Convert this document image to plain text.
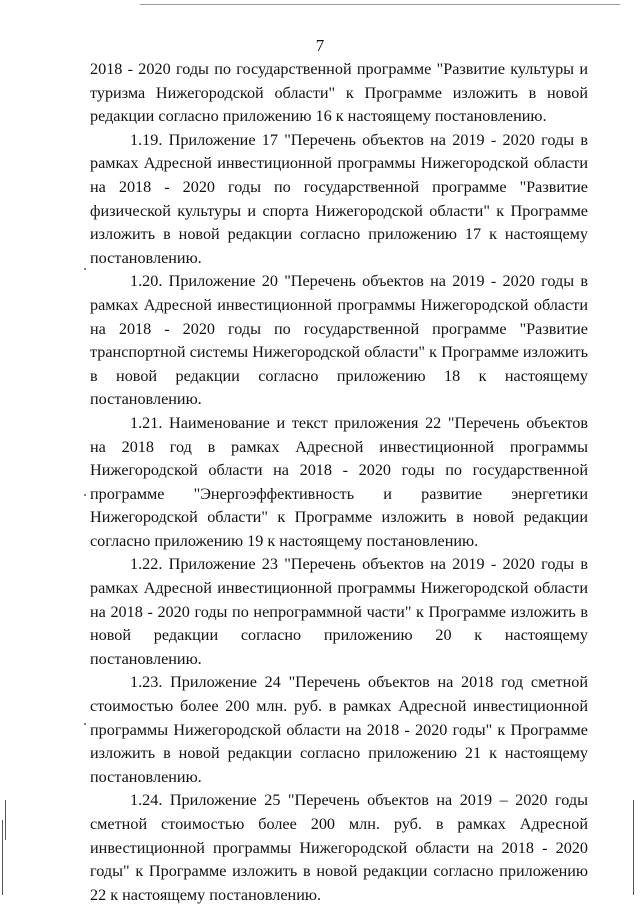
7

2018 - 2020 годы по государственной программе "Развитие культуры и туризма Нижегородской области" к Программе изложить в новой редакции согласно приложению 16 к настоящему постановлению.

1.19. Приложение 17 "Перечень объектов на 2019 - 2020 годы в рамках Адресной инвестиционной программы Нижегородской области на 2018 - 2020 годы по государственной программе "Развитие физической культуры и спорта Нижегородской области" к Программе изложить в новой редакции согласно приложению 17 к настоящему постановлению.

1.20. Приложение 20 "Перечень объектов на 2019 - 2020 годы в рамках Адресной инвестиционной программы Нижегородской области на 2018 - 2020 годы по государственной программе "Развитие транспортной системы Нижегородской области" к Программе изложить в новой редакции согласно приложению 18 к настоящему постановлению.

1.21. Наименование и текст приложения 22 "Перечень объектов на 2018 год в рамках Адресной инвестиционной программы Нижегородской области на 2018 - 2020 годы по государственной программе "Энергоэффективность и развитие энергетики Нижегородской области" к Программе изложить в новой редакции согласно приложению 19 к настоящему постановлению.

1.22. Приложение 23 "Перечень объектов на 2019 - 2020 годы в рамках Адресной инвестиционной программы Нижегородской области на 2018 - 2020 годы по непрограммной части" к Программе изложить в новой редакции согласно приложению 20 к настоящему постановлению.

1.23. Приложение 24 "Перечень объектов на 2018 год сметной стоимостью более 200 млн. руб. в рамках Адресной инвестиционной программы Нижегородской области на 2018 - 2020 годы" к Программе изложить в новой редакции согласно приложению 21 к настоящему постановлению.

1.24. Приложение 25 "Перечень объектов на 2019 – 2020 годы сметной стоимостью более 200 млн. руб. в рамках Адресной инвестиционной программы Нижегородской области на 2018 - 2020 годы" к Программе изложить в новой редакции согласно приложению 22 к настоящему постановлению.
